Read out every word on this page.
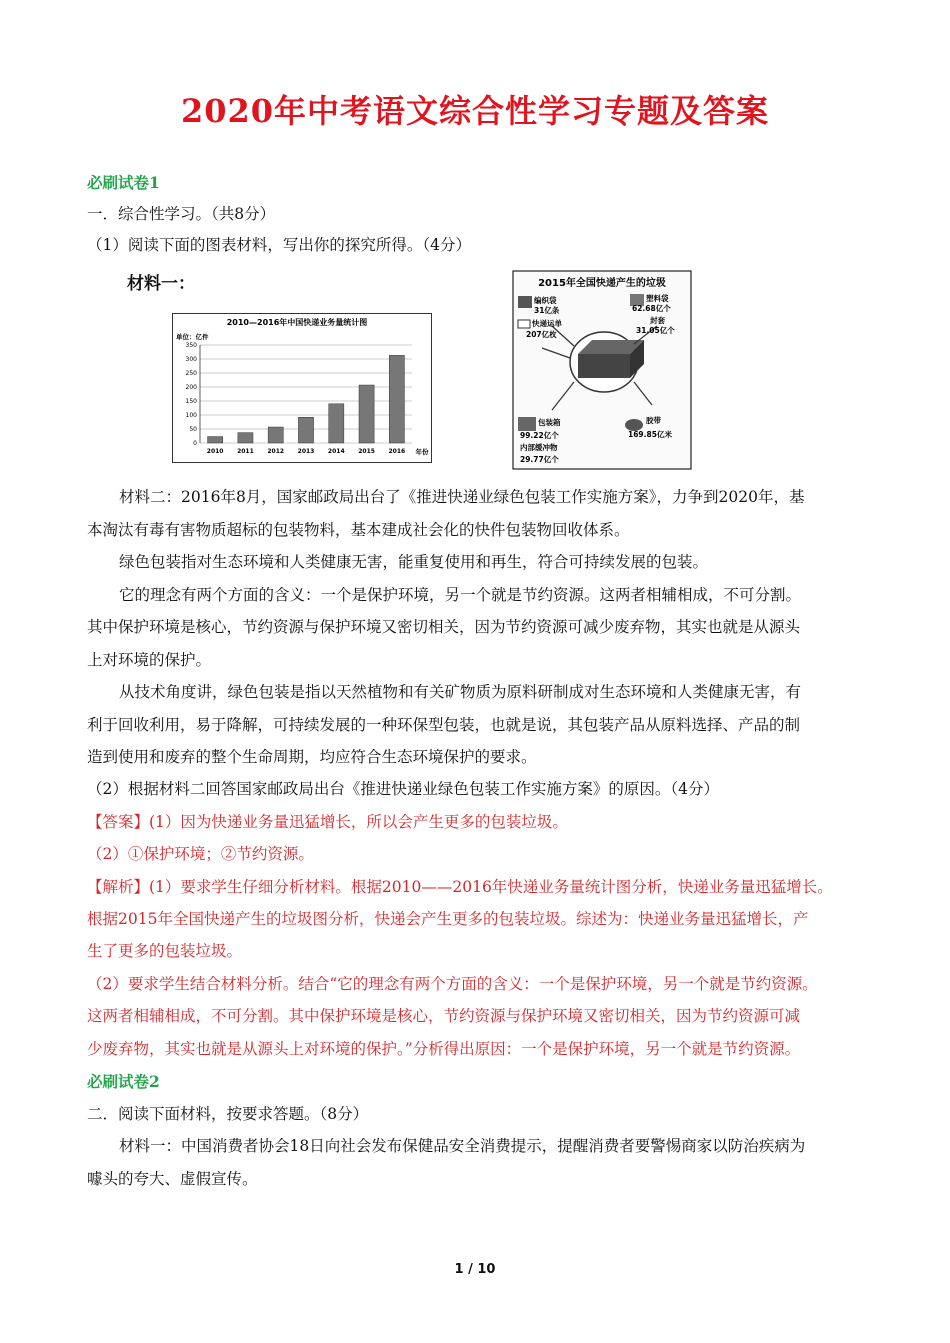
2020年中考语文综合性学习专题及答案
必刷试卷1
一．综合性学习。（共8分）
（1）阅读下面的图表材料，写出你的探究所得。（4分）
材料一：
2010—2016年中国快递业务量统计图
单位：亿件
0
50
100
150
200
250
300
350
2010 2011 2012 2013 2014 2015 2016 年份
2015年全国快递产生的垃圾
编织袋
31亿条
塑料袋
62.68亿个
快递运单
207亿枚
封套
31.05亿个
包装箱
99.22亿个
胶带
169.85亿米
内部缓冲物
29.77亿个
材料二：2016年8月，国家邮政局出台了《推进快递业绿色包装工作实施方案》，力争到2020年，基
本淘汰有毒有害物质超标的包装物料，基本建成社会化的快件包装物回收体系。
绿色包装指对生态环境和人类健康无害，能重复使用和再生，符合可持续发展的包装。
它的理念有两个方面的含义：一个是保护环境，另一个就是节约资源。这两者相辅相成，不可分割。
其中保护环境是核心，节约资源与保护环境又密切相关，因为节约资源可减少废弃物，其实也就是从源头
上对环境的保护。
从技术角度讲，绿色包装是指以天然植物和有关矿物质为原料研制成对生态环境和人类健康无害，有
利于回收利用，易于降解，可持续发展的一种环保型包装，也就是说，其包装产品从原料选择、产品的制
造到使用和废弃的整个生命周期，均应符合生态环境保护的要求。
（2）根据材料二回答国家邮政局出台《推进快递业绿色包装工作实施方案》的原因。（4分）
【答案】(1）因为快递业务量迅猛增长，所以会产生更多的包装垃圾。
（2）①保护环境；②节约资源。
【解析】(1）要求学生仔细分析材料。根据2010——2016年快递业务量统计图分析，快递业务量迅猛增长。
根据2015年全国快递产生的垃圾图分析，快递会产生更多的包装垃圾。综述为：快递业务量迅猛增长，产
生了更多的包装垃圾。
（2）要求学生结合材料分析。结合“它的理念有两个方面的含义：一个是保护环境，另一个就是节约资源。
这两者相辅相成，不可分割。其中保护环境是核心，节约资源与保护环境又密切相关，因为节约资源可减
少废弃物，其实也就是从源头上对环境的保护。”分析得出原因：一个是保护环境，另一个就是节约资源。
必刷试卷2
二．阅读下面材料，按要求答题。（8分）
材料一：中国消费者协会18日向社会发布保健品安全消费提示，提醒消费者要警惕商家以防治疾病为
噱头的夸大、虚假宣传。
1 / 10
